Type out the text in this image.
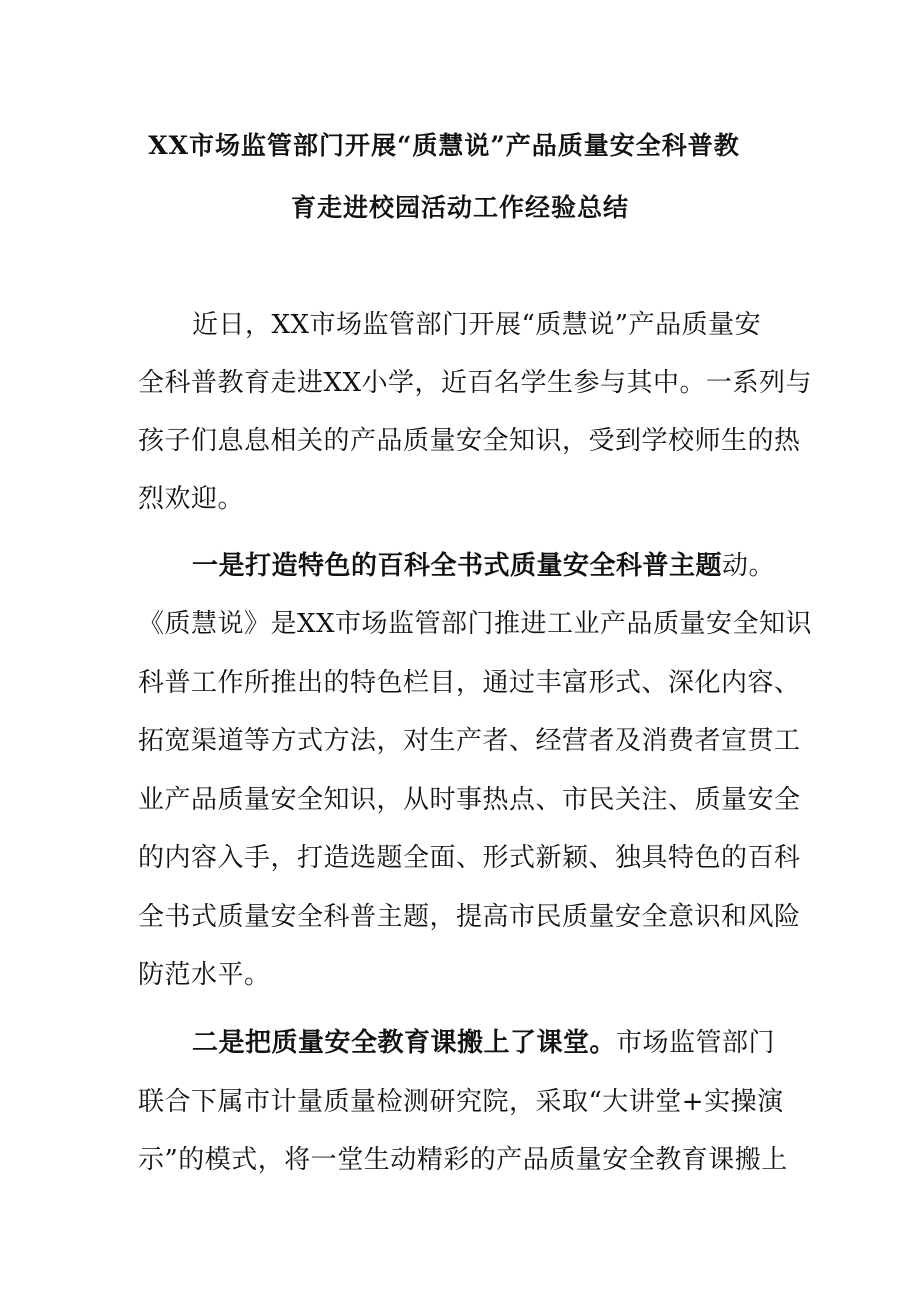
XX市场监管部门开展“质慧说”产品质量安全科普教
育走进校园活动工作经验总结
近日，XX市场监管部门开展“质慧说”产品质量安
全科普教育走进XX小学，近百名学生参与其中。一系列与
孩子们息息相关的产品质量安全知识，受到学校师生的热
烈欢迎。
一是打造特色的百科全书式质量安全科普主题动。
《质慧说》是XX市场监管部门推进工业产品质量安全知识
科普工作所推出的特色栏目，通过丰富形式、深化内容、
拓宽渠道等方式方法，对生产者、经营者及消费者宣贯工
业产品质量安全知识，从时事热点、市民关注、质量安全
的内容入手，打造选题全面、形式新颖、独具特色的百科
全书式质量安全科普主题，提高市民质量安全意识和风险
防范水平。
二是把质量安全教育课搬上了课堂。市场监管部门
联合下属市计量质量检测研究院，采取“大讲堂+实操演
示”的模式，将一堂生动精彩的产品质量安全教育课搬上
